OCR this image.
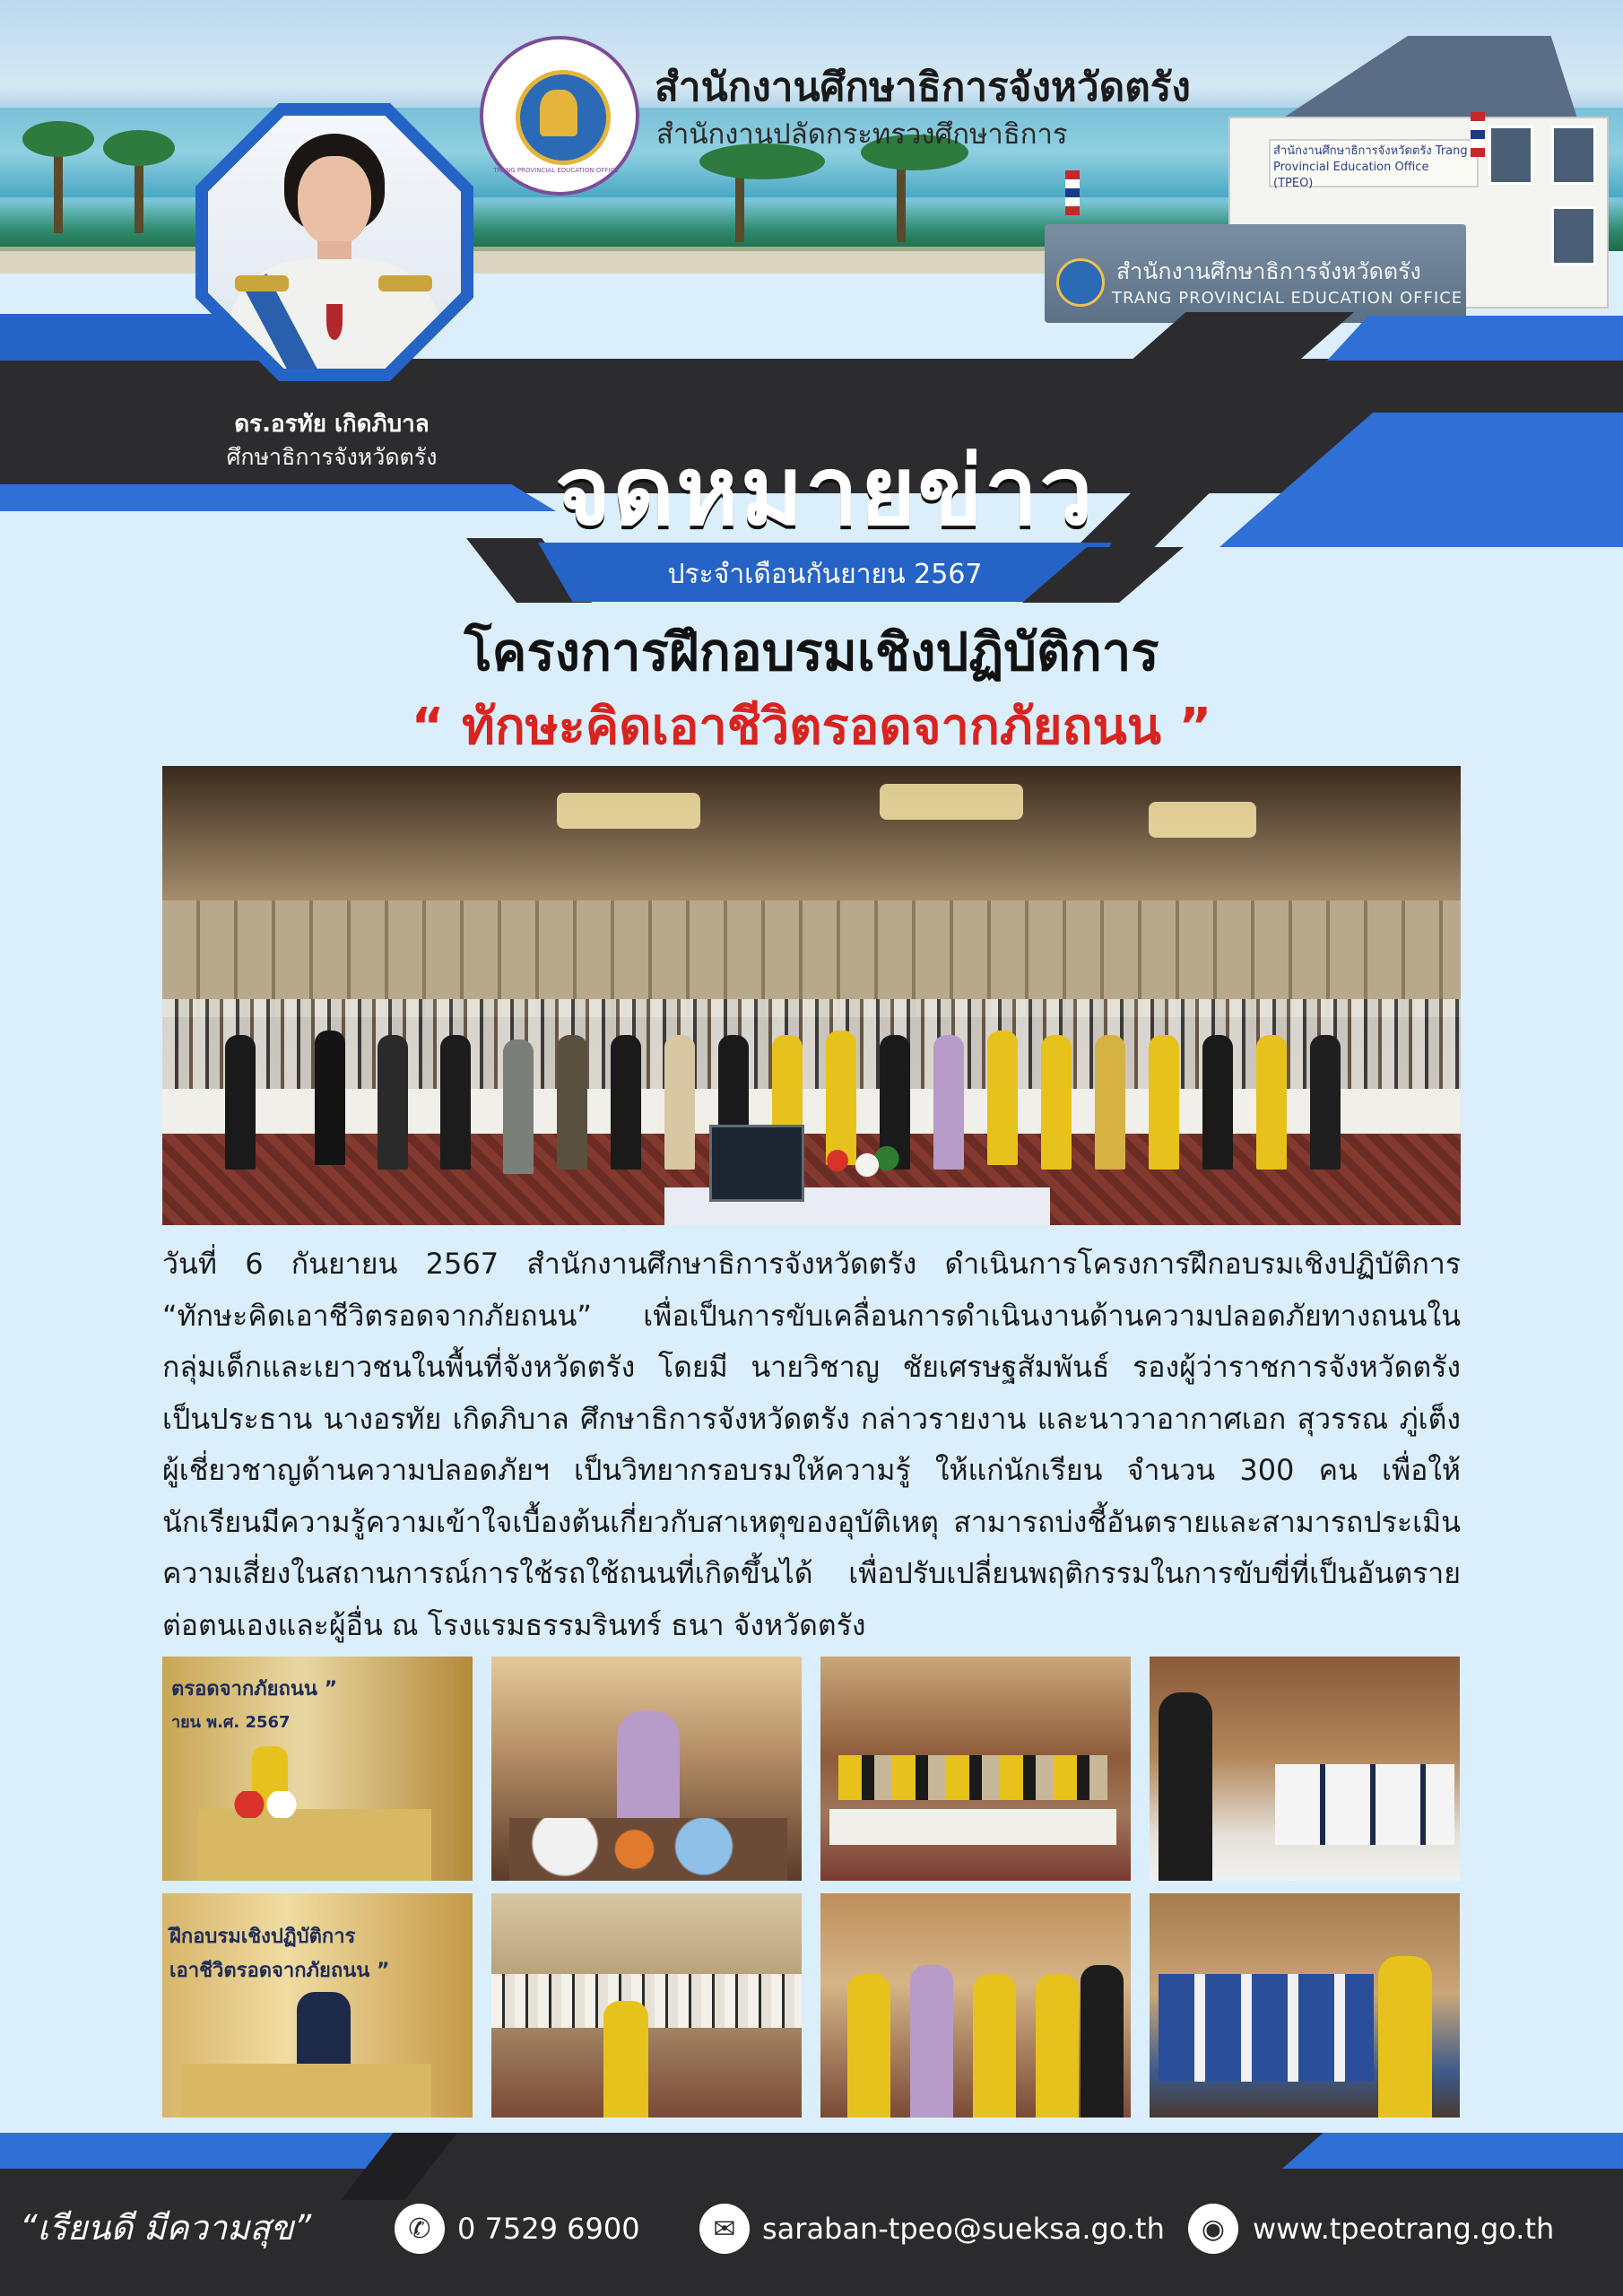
สำนักงานศึกษาธิการจังหวัดตรัง Trang Provincial Education Office (TPEO)
สำนักงานศึกษาธิการจังหวัดตรัง
TRANG PROVINCIAL EDUCATION OFFICE
ประจำเดือนกันยายน 2567
ดร.อรทัย เกิดภิบาล
ศึกษาธิการจังหวัดตรัง
TRANG PROVINCIAL EDUCATION OFFICE
สำนักงานศึกษาธิการจังหวัดตรัง
สำนักงานปลัดกระทรวงศึกษาธิการ
จดหมายข่าว
โครงการฝึกอบรมเชิงปฏิบัติการ
“ ทักษะคิดเอาชีวิตรอดจากภัยถนน ”
วันที่ 6 กันยายน 2567 สำนักงานศึกษาธิการจังหวัดตรัง ดำเนินการโครงการฝึกอบรมเชิงปฏิบัติการ “ทักษะคิดเอาชีวิตรอดจากภัยถนน” เพื่อเป็นการขับเคลื่อนการดำเนินงานด้านความปลอดภัยทางถนนในกลุ่มเด็กและเยาวชนในพื้นที่จังหวัดตรัง โดยมี นายวิชาญ ชัยเศรษฐสัมพันธ์ รองผู้ว่าราชการจังหวัดตรัง เป็นประธาน นางอรทัย เกิดภิบาล ศึกษาธิการจังหวัดตรัง กล่าวรายงาน และนาวาอากาศเอก สุวรรณ ภู่เต็ง ผู้เชี่ยวชาญด้านความปลอดภัยฯ เป็นวิทยากรอบรมให้ความรู้ ให้แก่นักเรียน จำนวน 300 คน เพื่อให้นักเรียนมีความรู้ความเข้าใจเบื้องต้นเกี่ยวกับสาเหตุของอุบัติเหตุ สามารถบ่งชี้อันตรายและสามารถประเมินความเสี่ยงในสถานการณ์การใช้รถใช้ถนนที่เกิดขึ้นได้ เพื่อปรับเปลี่ยนพฤติกรรมในการขับขี่ที่เป็นอันตรายต่อตนเองและผู้อื่น ณ โรงแรมธรรมรินทร์ ธนา จังหวัดตรัง
ตรอดจากภัยถนน ”
ายน พ.ศ. 2567
ฝึกอบรมเชิงปฏิบัติการ
เอาชีวิตรอดจากภัยถนน ”
“เรียนดี มีความสุข”	✆ 0 7529 6900	✉ saraban-tpeo@sueksa.go.th	◉ www.tpeotrang.go.th
